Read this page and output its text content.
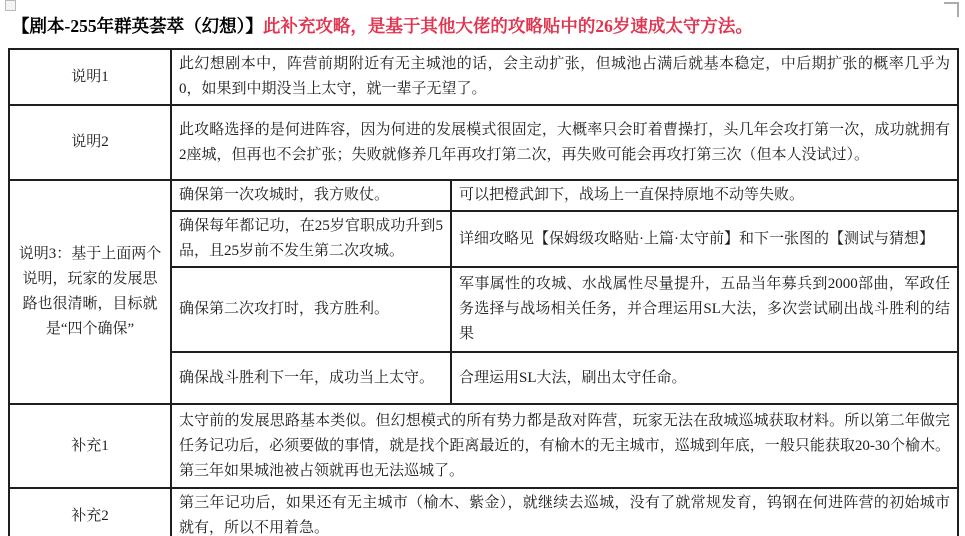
【剧本-255年群英荟萃（幻想）】此补充攻略，是基于其他大佬的攻略贴中的26岁速成太守方法。
说明1	此幻想剧本中，阵营前期附近有无主城池的话，会主动扩张，但城池占满后就基本稳定，中后期扩张的概率几乎为0，如果到中期没当上太守，就一辈子无望了。	
说明2	此攻略选择的是何进阵容，因为何进的发展模式很固定，大概率只会盯着曹操打，头几年会攻打第一次，成功就拥有2座城，但再也不会扩张；失败就修养几年再攻打第二次，再失败可能会再攻打第三次（但本人没试过）。	
说明3：基于上面两个说明，玩家的发展思路也很清晰，目标就是“四个确保”	确保第一次攻城时，我方败仗。	可以把橙武卸下，战场上一直保持原地不动等失败。
	确保每年都记功，在25岁官职成功升到5品，且25岁前不发生第二次攻城。	详细攻略见【保姆级攻略贴·上篇·太守前】和下一张图的【测试与猜想】
	确保第二次攻打时，我方胜利。	军事属性的攻城、水战属性尽量提升，五品当年募兵到2000部曲，军政任务选择与战场相关任务，并合理运用SL大法，多次尝试刷出战斗胜利的结果
	确保战斗胜利下一年，成功当上太守。	合理运用SL大法，刷出太守任命。
补充1	太守前的发展思路基本类似。但幻想模式的所有势力都是敌对阵营，玩家无法在敌城巡城获取材料。所以第二年做完任务记功后，必须要做的事情，就是找个距离最近的，有榆木的无主城市，巡城到年底，一般只能获取20-30个榆木。第三年如果城池被占领就再也无法巡城了。	
补充2	第三年记功后，如果还有无主城市（榆木、紫金），就继续去巡城，没有了就常规发育，钨钢在何进阵营的初始城市就有，所以不用着急。	
